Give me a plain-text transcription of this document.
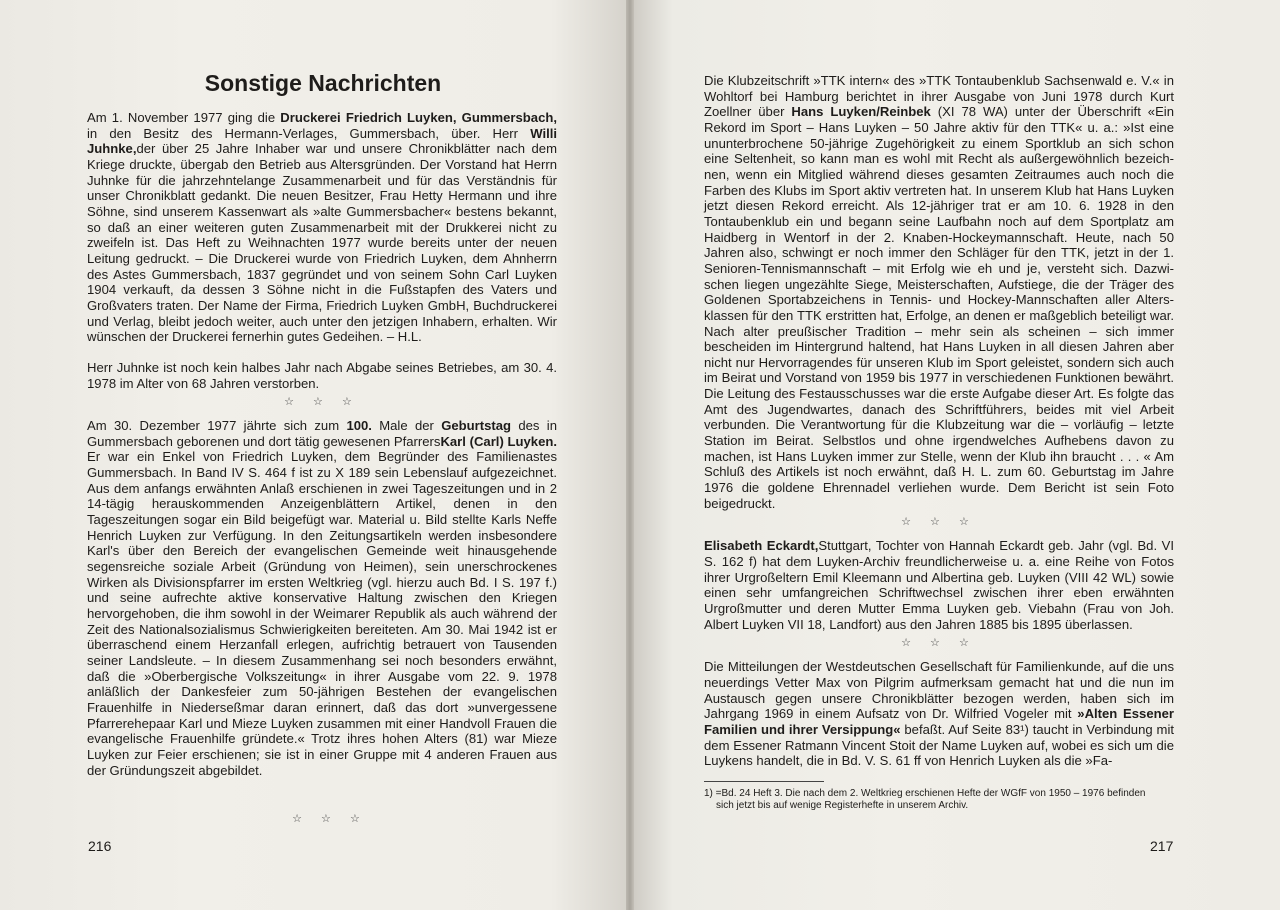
Sonstige Nachrichten

Am 1. November 1977 ging die Druckerei Friedrich Luyken, Gummersbach, in den Besitz des Hermann-Verlages, Gummersbach, über. Herr Willi Juhnke,der über 25 Jahre Inhaber war und unsere Chronikblätter nach dem Kriege druckte, übergab den Betrieb aus Altersgründen. Der Vorstand hat Herrn Juhnke für die jahrzehntelange Zusammenarbeit und für das Verständnis für unser Chronikblatt gedankt. Die neuen Besitzer, Frau Hetty Hermann und ihre Söhne, sind unserem Kassenwart als »alte Gummersbacher« bestens bekannt, so daß an einer weiteren guten Zusammenarbeit mit der Drukkerei nicht zu zweifeln ist. Das Heft zu Weihnachten 1977 wurde bereits unter der neuen Leitung gedruckt. – Die Druckerei wurde von Friedrich Luyken, dem Ahnherrn des Astes Gummersbach, 1837 gegründet und von seinem Sohn Carl Luyken 1904 verkauft, da dessen 3 Söhne nicht in die Fußstapfen des Vaters und Großvaters traten. Der Name der Firma, Friedrich Luyken GmbH, Buchdruckerei und Verlag, bleibt jedoch weiter, auch unter den jetzigen Inhabern, erhalten. Wir wünschen der Druckerei fernerhin gutes Gedeihen. – H.L.

Herr Juhnke ist noch kein halbes Jahr nach Abgabe seines Betriebes, am 30. 4. 1978 im Alter von 68 Jahren verstorben.

☆ ☆ ☆

Am 30. Dezember 1977 jährte sich zum 100. Male der Geburtstag des in Gummersbach geborenen und dort tätig gewesenen PfarrersKarl (Carl) Luyken. Er war ein Enkel von Friedrich Luyken, dem Begründer des Familienastes Gummersbach. In Band IV S. 464 f ist zu X 189 sein Lebenslauf aufgezeichnet. Aus dem anfangs erwähnten Anlaß erschienen in zwei Tageszeitungen und in 2 14-tägig herauskommenden Anzeigenblättern Artikel, denen in den Tageszeitungen sogar ein Bild beigefügt war. Material u. Bild stellte Karls Neffe Henrich Luyken zur Verfügung. In den Zeitungsartikeln werden insbesondere Karl's über den Bereich der evangelischen Gemeinde weit hinausgehende segensreiche soziale Arbeit (Gründung von Heimen), sein unerschrockenes Wirken als Divisionspfarrer im ersten Weltkrieg (vgl. hierzu auch Bd. I S. 197 f.) und seine aufrechte aktive konservative Haltung zwischen den Kriegen hervorgehoben, die ihm sowohl in der Weimarer Republik als auch während der Zeit des Nationalsozialismus Schwierigkeiten bereiteten. Am 30. Mai 1942 ist er überraschend einem Herzanfall erlegen, aufrichtig betrauert von Tausenden seiner Landsleute. – In diesem Zusammenhang sei noch besonders erwähnt, daß die »Oberbergische Volkszeitung« in ihrer Ausgabe vom 22. 9. 1978 anläßlich der Dankesfeier zum 50-jährigen Bestehen der evangelischen Frauenhilfe in Niedersеßmar daran erinnert, daß das dort »unvergessene Pfarrerehepaar Karl und Mieze Luyken zusammen mit einer Handvoll Frauen die evangelische Frauenhilfe gründete.« Trotz ihres hohen Alters (81) war Mieze Luyken zur Feier erschienen; sie ist in einer Gruppe mit 4 anderen Frauen aus der Gründungszeit abgebildet.

☆ ☆ ☆
216

Die Klubzeitschrift »TTK intern« des »TTK Tontaubenklub Sachsenwald e. V.« in Wohltorf bei Hamburg berichtet in ihrer Ausgabe von Juni 1978 durch Kurt Zoellner über Hans Luyken/Reinbek (XI 78 WA) unter der Überschrift «Ein Rekord im Sport – Hans Luyken – 50 Jahre aktiv für den TTK« u. a.: »Ist eine ununterbrochene 50-jährige Zugehörigkeit zu einem Sportklub an sich schon eine Seltenheit, so kann man es wohl mit Recht als außergewöhnlich bezeichnen, wenn ein Mitglied während dieses gesamten Zeitraumes auch noch die Farben des Klubs im Sport aktiv vertreten hat. In unserem Klub hat Hans Luyken jetzt diesen Rekord erreicht. Als 12-jähriger trat er am 10. 6. 1928 in den Tontaubenklub ein und begann seine Laufbahn noch auf dem Sportplatz am Haidberg in Wentorf in der 2. Knaben-Hockeymannschaft. Heute, nach 50 Jahren also, schwingt er noch immer den Schläger für den TTK, jetzt in der 1. Senioren-Tennismannschaft – mit Erfolg wie eh und je, versteht sich. Dazwischen liegen ungezählte Siege, Meisterschaften, Aufstiege, die der Träger des Goldenen Sportabzeichens in Tennis- und Hockey-Mannschaften aller Altersklassen für den TTK erstritten hat, Erfolge, an denen er maßgeblich beteiligt war. Nach alter preußischer Tradition – mehr sein als scheinen – sich immer bescheiden im Hintergrund haltend, hat Hans Luyken in all diesen Jahren aber nicht nur Hervorragendes für unseren Klub im Sport geleistet, sondern sich auch im Beirat und Vorstand von 1959 bis 1977 in verschiedenen Funktionen bewährt. Die Leitung des Festausschusses war die erste Aufgabe dieser Art. Es folgte das Amt des Jugendwartes, danach des Schriftführers, beides mit viel Arbeit verbunden. Die Verantwortung für die Klubzeitung war die – vorläufig – letzte Station im Beirat. Selbstlos und ohne irgendwelches Aufhebens davon zu machen, ist Hans Luyken immer zur Stelle, wenn der Klub ihn braucht . . . « Am Schluß des Artikels ist noch erwähnt, daß H. L. zum 60. Geburtstag im Jahre 1976 die goldene Ehrennadel verliehen wurde. Dem Bericht ist sein Foto beigedruckt.

☆ ☆ ☆

Elisabeth Eckardt,Stuttgart, Tochter von Hannah Eckardt geb. Jahr (vgl. Bd. VI S. 162 f) hat dem Luyken-Archiv freundlicherweise u. a. eine Reihe von Fotos ihrer Urgroßeltern Emil Kleemann und Albertina geb. Luyken (VIII 42 WL) sowie einen sehr umfangreichen Schriftwechsel zwischen ihrer eben erwähnten Urgroßmutter und deren Mutter Emma Luyken geb. Viebahn (Frau von Joh. Albert Luyken VII 18, Landfort) aus den Jahren 1885 bis 1895 überlassen.

☆ ☆ ☆

Die Mitteilungen der Westdeutschen Gesellschaft für Familienkunde, auf die uns neuerdings Vetter Max von Pilgrim aufmerksam gemacht hat und die nun im Austausch gegen unsere Chronikblätter bezogen werden, haben sich im Jahrgang 1969 in einem Aufsatz von Dr. Wilfried Vogeler mit »Alten Essener Familien und ihrer Versippung« befaßt. Auf Seite 83¹) taucht in Verbindung mit dem Essener Ratmann Vincent Stoit der Name Luyken auf, wobei es sich um die Luykens handelt, die in Bd. V. S. 61 ff von Henrich Luyken als die »Fa-

1) =Bd. 24 Heft 3. Die nach dem 2. Weltkrieg erschienen Hefte der WGfF von 1950 – 1976 befinden
sich jetzt bis auf wenige Registerhefte in unserem Archiv.
217
